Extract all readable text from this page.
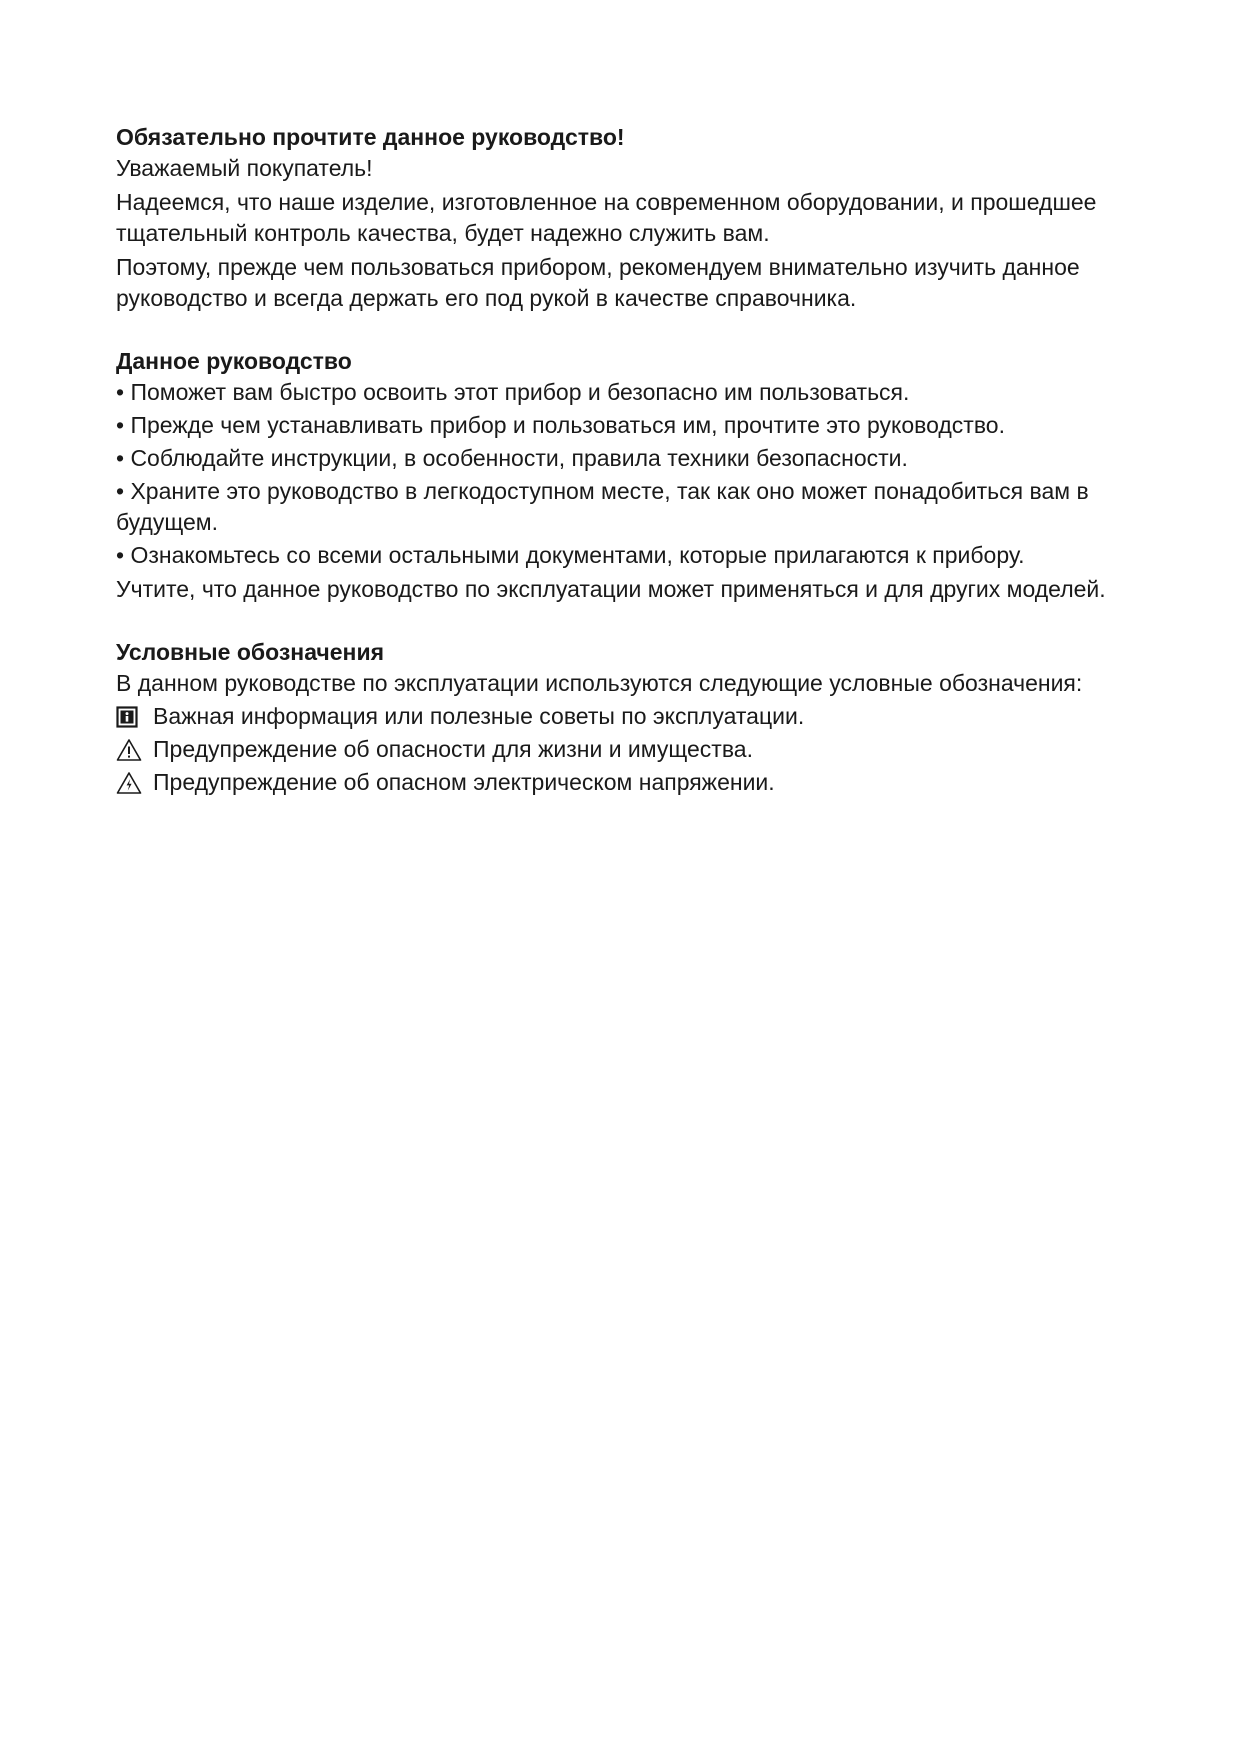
Обязательно прочтите данное руководство!

Уважаемый покупатель!

Надеемся, что наше изделие, изготовленное на современном оборудовании, и прошедшее тщательный контроль качества, будет надежно служить вам.

Поэтому, прежде чем пользоваться прибором, рекомендуем внимательно изучить данное руководство и всегда держать его под рукой в качестве справочника.

Данное руководство

• Поможет вам быстро освоить этот прибор и безопасно им пользоваться.

• Прежде чем устанавливать прибор и пользоваться им, прочтите это руководство.

• Соблюдайте инструкции, в особенности, правила техники безопасности.

• Храните это руководство в легкодоступном месте, так как оно может понадобиться вам в будущем.

• Ознакомьтесь со всеми остальными документами, которые прилагаются к прибору.

Учтите, что данное руководство по эксплуатации может применяться и для других моделей.

Условные обозначения

В данном руководстве по эксплуатации используются следующие условные обозначения:

Важная информация или полезные советы по эксплуатации.
Предупреждение об опасности для жизни и имущества.
Предупреждение об опасном электрическом напряжении.
